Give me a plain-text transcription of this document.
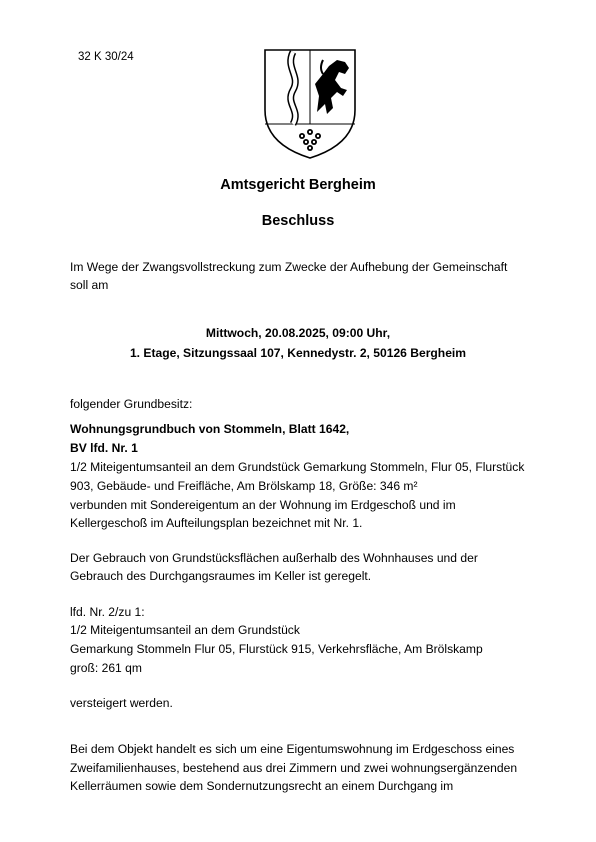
32 K 30/24
Amtsgericht Bergheim
Beschluss
Im Wege der Zwangsvollstreckung zum Zwecke der Aufhebung der Gemeinschaft
soll am
Mittwoch, 20.08.2025, 09:00 Uhr,
1. Etage, Sitzungssaal 107, Kennedystr. 2, 50126 Bergheim
folgender Grundbesitz:
Wohnungsgrundbuch von Stommeln, Blatt 1642,
BV lfd. Nr. 1
1/2 Miteigentumsanteil an dem Grundstück Gemarkung Stommeln, Flur 05, Flurstück
903, Gebäude- und Freifläche, Am Brölskamp 18, Größe: 346 m²
verbunden mit Sondereigentum an der Wohnung im Erdgeschoß und im
Kellergeschoß im Aufteilungsplan bezeichnet mit Nr. 1.
Der Gebrauch von Grundstücksflächen außerhalb des Wohnhauses und der
Gebrauch des Durchgangsraumes im Keller ist geregelt.
lfd. Nr. 2/zu 1:
1/2 Miteigentumsanteil an dem Grundstück
Gemarkung Stommeln Flur 05, Flurstück 915, Verkehrsfläche, Am Brölskamp
groß: 261 qm
versteigert werden.
Bei dem Objekt handelt es sich um eine Eigentumswohnung im Erdgeschoss eines
Zweifamilienhauses, bestehend aus drei Zimmern und zwei wohnungsergänzenden
Kellerräumen sowie dem Sondernutzungsrecht an einem Durchgang im
